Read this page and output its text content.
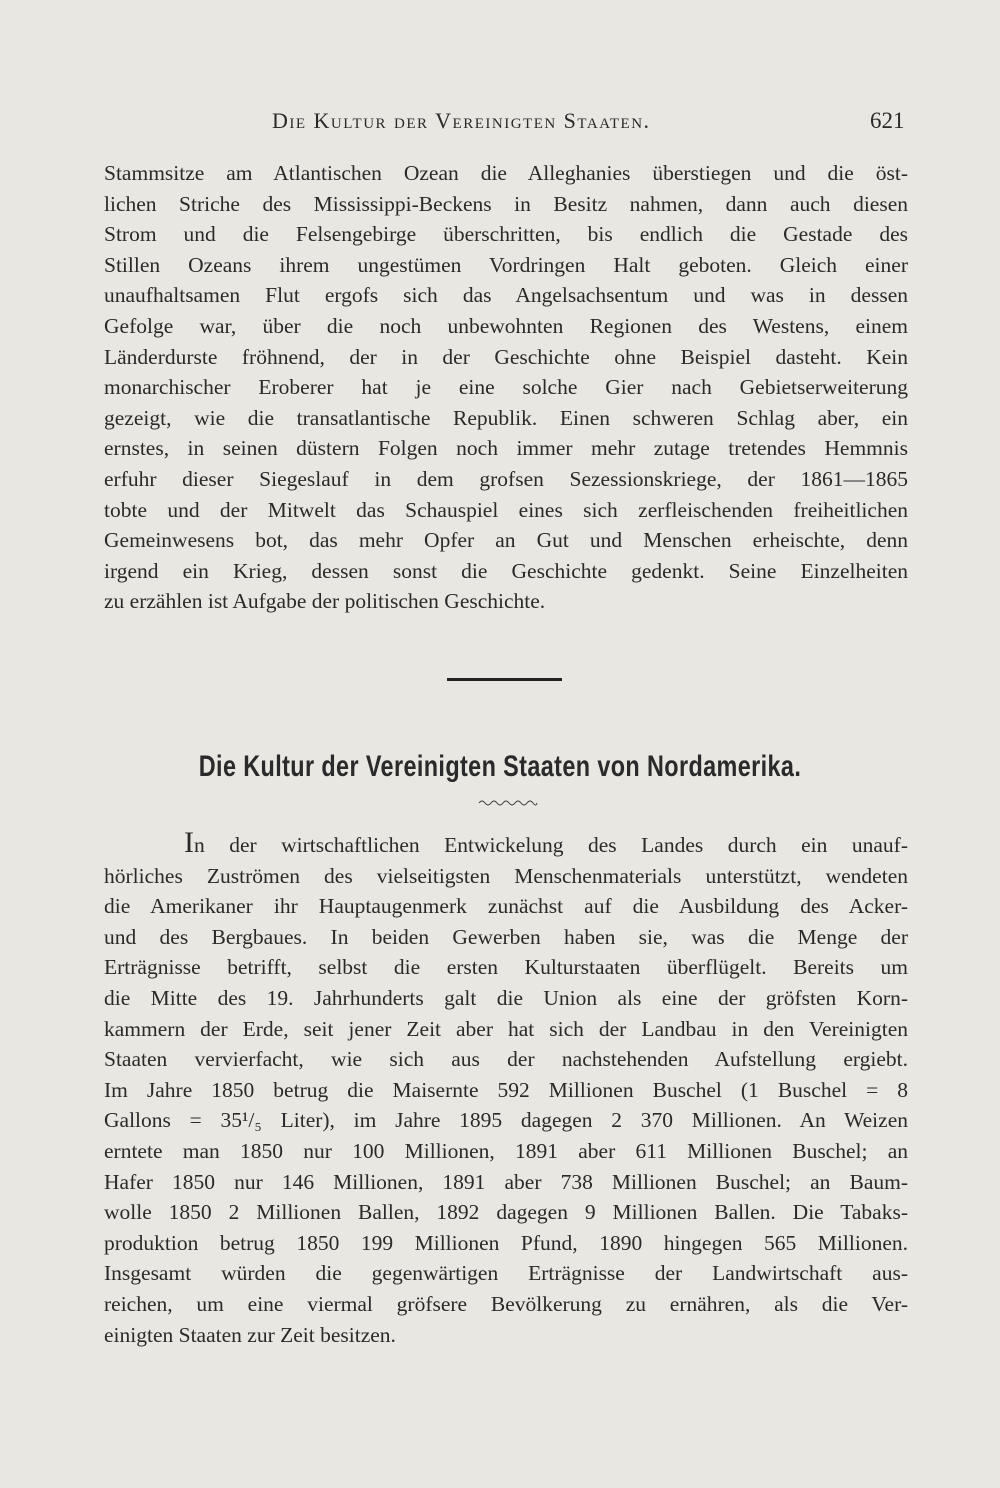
Die Kultur der Vereinigten Staaten.	621
Stammsitze am Atlantischen Ozean die Alleghanies überstiegen und die öst-
lichen Striche des Mississippi-Beckens in Besitz nahmen, dann auch diesen
Strom und die Felsengebirge überschritten, bis endlich die Gestade des
Stillen Ozeans ihrem ungestümen Vordringen Halt geboten. Gleich einer
unaufhaltsamen Flut ergofs sich das Angelsachsentum und was in dessen
Gefolge war, über die noch unbewohnten Regionen des Westens, einem
Länderdurste fröhnend, der in der Geschichte ohne Beispiel dasteht. Kein
monarchischer Eroberer hat je eine solche Gier nach Gebietserweiterung
gezeigt, wie die transatlantische Republik. Einen schweren Schlag aber, ein
ernstes, in seinen düstern Folgen noch immer mehr zutage tretendes Hemmnis
erfuhr dieser Siegeslauf in dem grofsen Sezessionskriege, der 1861—1865
tobte und der Mitwelt das Schauspiel eines sich zerfleischenden freiheitlichen
Gemeinwesens bot, das mehr Opfer an Gut und Menschen erheischte, denn
irgend ein Krieg, dessen sonst die Geschichte gedenkt. Seine Einzelheiten
zu erzählen ist Aufgabe der politischen Geschichte.
Die Kultur der Vereinigten Staaten von Nordamerika.
In der wirtschaftlichen Entwickelung des Landes durch ein unauf-
hörliches Zuströmen des vielseitigsten Menschenmaterials unterstützt, wendeten
die Amerikaner ihr Hauptaugenmerk zunächst auf die Ausbildung des Acker-
und des Bergbaues. In beiden Gewerben haben sie, was die Menge der
Erträgnisse betrifft, selbst die ersten Kulturstaaten überflügelt. Bereits um
die Mitte des 19. Jahrhunderts galt die Union als eine der gröfsten Korn-
kammern der Erde, seit jener Zeit aber hat sich der Landbau in den Vereinigten
Staaten vervierfacht, wie sich aus der nachstehenden Aufstellung ergiebt.
Im Jahre 1850 betrug die Maisernte 592 Millionen Buschel (1 Buschel = 8
Gallons = 35¹/₅ Liter), im Jahre 1895 dagegen 2 370 Millionen. An Weizen
erntete man 1850 nur 100 Millionen, 1891 aber 611 Millionen Buschel; an
Hafer 1850 nur 146 Millionen, 1891 aber 738 Millionen Buschel; an Baum-
wolle 1850 2 Millionen Ballen, 1892 dagegen 9 Millionen Ballen. Die Tabaks-
produktion betrug 1850 199 Millionen Pfund, 1890 hingegen 565 Millionen.
Insgesamt würden die gegenwärtigen Erträgnisse der Landwirtschaft aus-
reichen, um eine viermal gröfsere Bevölkerung zu ernähren, als die Ver-
einigten Staaten zur Zeit besitzen.
